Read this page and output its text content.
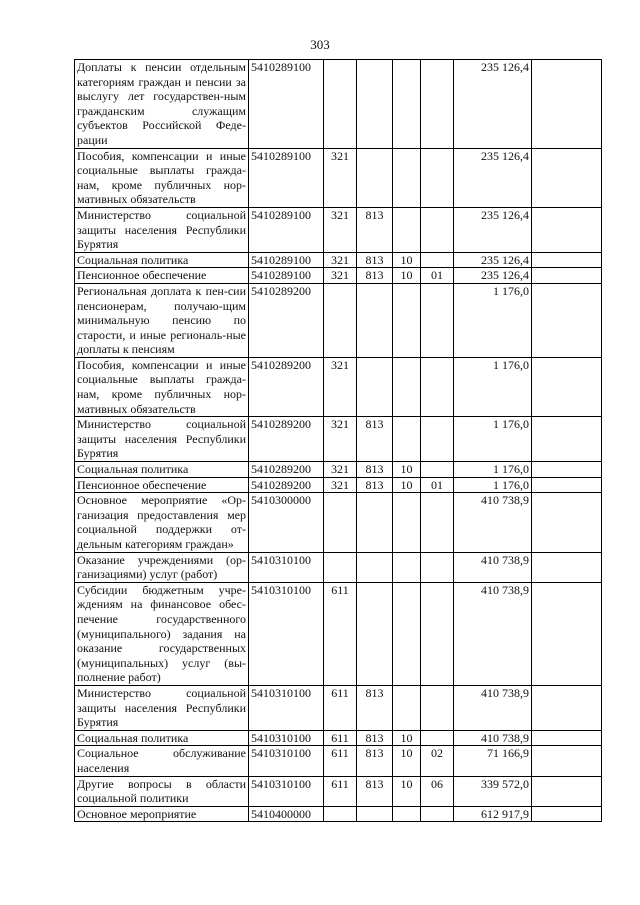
303
Доплаты к пенсии отдельным категориям граждан и пенсии за выслугу лет государствен-ным гражданским служащим субъектов Российской Феде-рации	5410289100					235 126,4	
Пособия, компенсации и иные социальные выплаты гражда-нам, кроме публичных нор-мативных обязательств	5410289100	321				235 126,4	
Министерство социальной защиты населения Республики Бурятия	5410289100	321	813			235 126,4	
Социальная политика	5410289100	321	813	10		235 126,4	
Пенсионное обеспечение	5410289100	321	813	10	01	235 126,4	
Региональная доплата к пен-сии пенсионерам, получаю-щим минимальную пенсию по старости, и иные региональ-ные доплаты к пенсиям	5410289200					1 176,0	
Пособия, компенсации и иные социальные выплаты гражда-нам, кроме публичных нор-мативных обязательств	5410289200	321				1 176,0	
Министерство социальной защиты населения Республики Бурятия	5410289200	321	813			1 176,0	
Социальная политика	5410289200	321	813	10		1 176,0	
Пенсионное обеспечение	5410289200	321	813	10	01	1 176,0	
Основное мероприятие «Ор-ганизация предоставления мер социальной поддержки от-дельным категориям граждан»	5410300000					410 738,9	
Оказание учреждениями (ор-ганизациями) услуг (работ)	5410310100					410 738,9	
Субсидии бюджетным учре-ждениям на финансовое обес-печение государственного (муниципального) задания на оказание государственных (муниципальных) услуг (вы-полнение работ)	5410310100	611				410 738,9	
Министерство социальной защиты населения Республики Бурятия	5410310100	611	813			410 738,9	
Социальная политика	5410310100	611	813	10		410 738,9	
Социальное обслуживание населения	5410310100	611	813	10	02	71 166,9	
Другие вопросы в области социальной политики	5410310100	611	813	10	06	339 572,0	
Основное мероприятие	5410400000					612 917,9	
